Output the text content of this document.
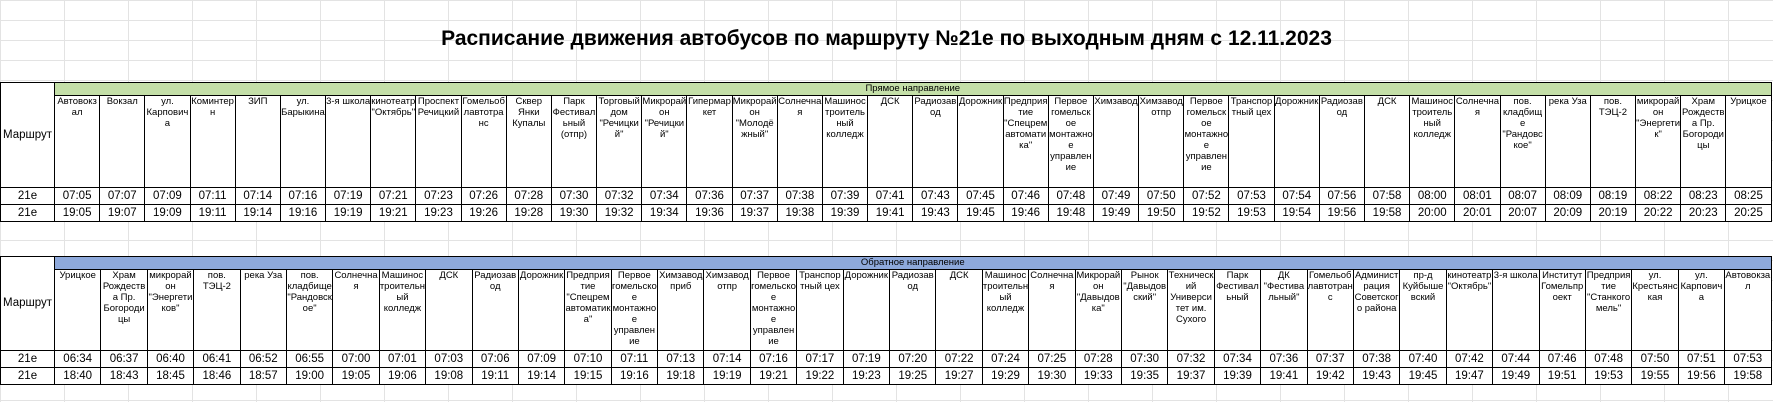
Расписание движения автобусов по маршруту №21е по выходным дням с 12.11.2023
Маршрут	Прямое направление																																					
	Автовокзал	Вокзал	ул. Карповича	Коминтерн	ЗИП	ул. Барыкина	3-я школа	кинотеатр "Октябрь"	Проспект Речицкий	Гомельоблавтотранс	Сквер Янки Купалы	Парк Фестивальный (отпр)	Торговый дом "Речицкий"	Микрорайон "Речицкий"	Гипермаркет	Микрорайон "Молодёжный"	Солнечная	Машиностроительный колледж	ДСК	Радиозавод	Дорожник	Предприятие "Спецремавтоматика"	Первое гомельское монтажное управление	Химзавод	Химзавод отпр	Первое гомельское монтажное управление	Транспортный цех	Дорожник	Радиозавод	ДСК	Машиностроительный колледж	Солнечная	пов. кладбище "Рандовское"	река Уза	пов. ТЭЦ-2	микрорайон "Энергетик"	Храм Рождества Пр. Богородицы	Урицкое
21е	07:05	07:07	07:09	07:11	07:14	07:16	07:19	07:21	07:23	07:26	07:28	07:30	07:32	07:34	07:36	07:37	07:38	07:39	07:41	07:43	07:45	07:46	07:48	07:49	07:50	07:52	07:53	07:54	07:56	07:58	08:00	08:01	08:07	08:09	08:19	08:22	08:23	08:25
21е	19:05	19:07	19:09	19:11	19:14	19:16	19:19	19:21	19:23	19:26	19:28	19:30	19:32	19:34	19:36	19:37	19:38	19:39	19:41	19:43	19:45	19:46	19:48	19:49	19:50	19:52	19:53	19:54	19:56	19:58	20:00	20:01	20:07	20:09	20:19	20:22	20:23	20:25
Маршрут	Обратное направление																																				
	Урицкое	Храм Рождества Пр. Богородицы	микрорайон "Энергетиков"	пов. ТЭЦ-2	река Уза	пов. кладбище "Рандовское"	Солнечная	Машиностроительный колледж	ДСК	Радиозавод	Дорожник	Предприятие "Спецремавтоматика"	Первое гомельское монтажное управление	Химзавод приб	Химзавод отпр	Первое гомельское монтажное управление	Транспортный цех	Дорожник	Радиозавод	ДСК	Машиностроительный колледж	Солнечная	Микрорайон "Давыдовка"	Рынок "Давыдовский"	Технический Университет им. Сухого	Парк Фестивальный	ДК "Фестивальный"	Гомельоблавтотранс	Администрация Советского района	пр-д Куйбышевский	кинотеатр "Октябрь"	3-я школа	Институт Гомельпроект	Предприятие "Станкогомель"	ул. Крестьянская	ул. Карповича	Автовокзал
21е	06:34	06:37	06:40	06:41	06:52	06:55	07:00	07:01	07:03	07:06	07:09	07:10	07:11	07:13	07:14	07:16	07:17	07:19	07:20	07:22	07:24	07:25	07:28	07:30	07:32	07:34	07:36	07:37	07:38	07:40	07:42	07:44	07:46	07:48	07:50	07:51	07:53
21е	18:40	18:43	18:45	18:46	18:57	19:00	19:05	19:06	19:08	19:11	19:14	19:15	19:16	19:18	19:19	19:21	19:22	19:23	19:25	19:27	19:29	19:30	19:33	19:35	19:37	19:39	19:41	19:42	19:43	19:45	19:47	19:49	19:51	19:53	19:55	19:56	19:58
